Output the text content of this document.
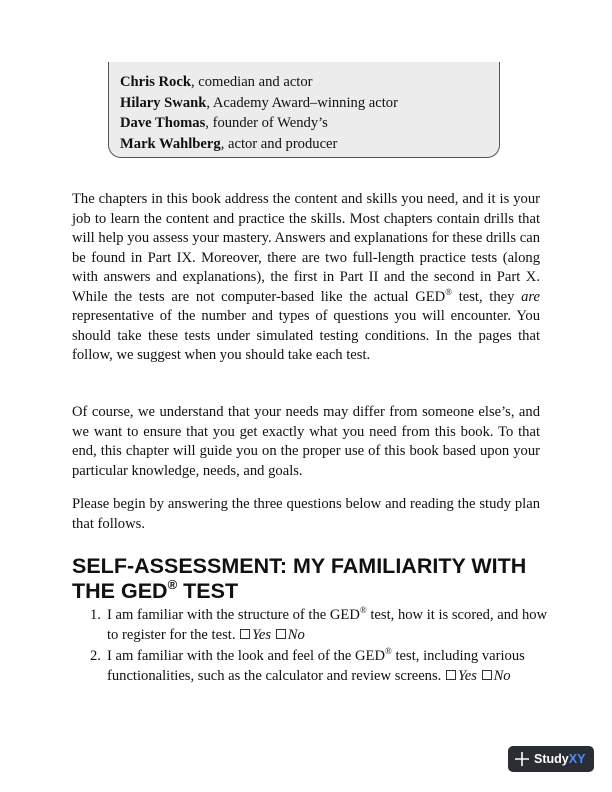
Chris Rock, comedian and actor
Hilary Swank, Academy Award–winning actor
Dave Thomas, founder of Wendy’s
Mark Wahlberg, actor and producer

The chapters in this book address the content and skills you need, and it is your job to learn the content and practice the skills. Most chapters contain drills that will help you assess your mastery. Answers and explanations for these drills can be found in Part IX. Moreover, there are two full-length practice tests (along with answers and explanations), the first in Part II and the second in Part X. While the tests are not computer-based like the actual GED® test, they are representative of the number and types of questions you will encounter. You should take these tests under simulated testing conditions. In the pages that follow, we suggest when you should take each test.

Of course, we understand that your needs may differ from someone else’s, and we want to ensure that you get exactly what you need from this book. To that end, this chapter will guide you on the proper use of this book based upon your particular knowledge, needs, and goals.

Please begin by answering the three questions below and reading the study plan that follows.

SELF-ASSESSMENT: MY FAMILIARITY WITH THE GED® TEST
1. I am familiar with the structure of the GED® test, how it is scored, and how to register for the test. Yes No
2. I am familiar with the look and feel of the GED® test, including various functionalities, such as the calculator and review screens. Yes No
Study XY
